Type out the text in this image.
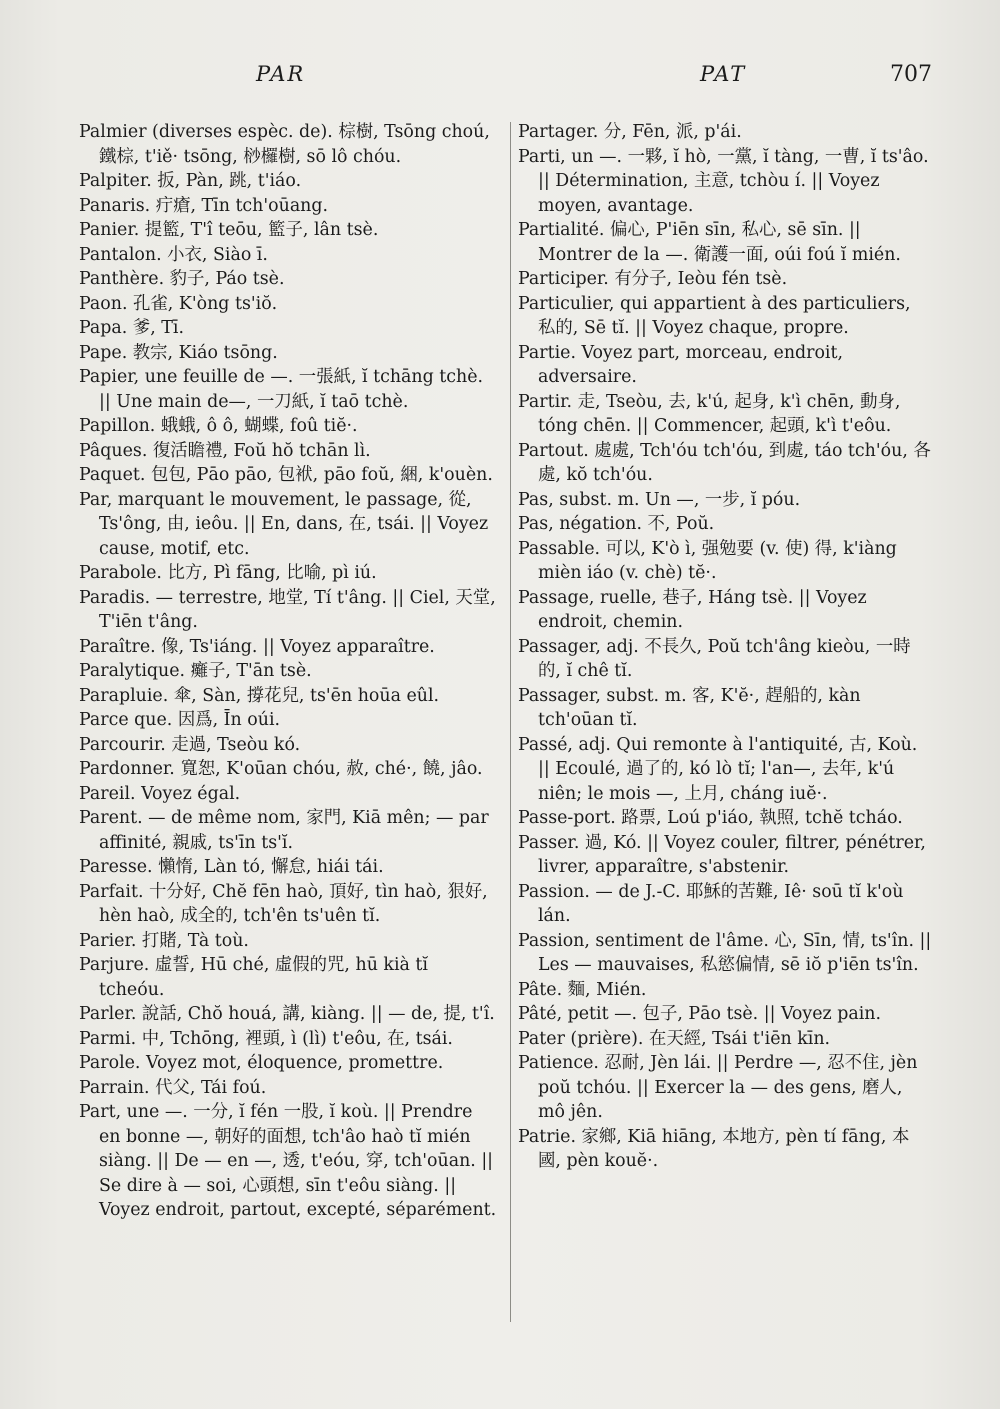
PAR	PAT	707

Palmier (diverses espèc. de). 棕樹, Tsōng choú, 鐵棕, t'iě· tsōng, 桫欏樹, sō lô chóu.

Palpiter. 扳, Pàn, 跳, t'iáo.

Panaris. 疔瘡, Tīn tch'oūang.

Panier. 提籃, T'î teōu, 籃子, lân tsè.

Pantalon. 小衣, Siào ī.

Panthère. 豹子, Páo tsè.

Paon. 孔雀, K'òng ts'iŏ.

Papa. 爹, Tī.

Pape. 教宗, Kiáo tsōng.

Papier, une feuille de —. 一張紙, ĭ tchāng tchè. || Une main de—, 一刀紙, ĭ taō tchè.

Papillon. 蛾蛾, ô ô, 蝴蝶, foû tiĕ·.

Pâques. 復活瞻禮, Foŭ hŏ tchān lì.

Paquet. 包包, Pāo pāo, 包袱, pāo foŭ, 綑, k'ouèn.

Par, marquant le mouvement, le passage, 從, Ts'ông, 由, ieôu. || En, dans, 在, tsái. || Voyez cause, motif, etc.

Parabole. 比方, Pì fāng, 比喻, pì iú.

Paradis. — terrestre, 地堂, Tí t'âng. || Ciel, 天堂, T'iēn t'âng.

Paraître. 像, Ts'iáng. || Voyez apparaître.

Paralytique. 癱子, T'ān tsè.

Parapluie. 傘, Sàn, 撐花兒, ts'ēn hoūa eûl.

Parce que. 因爲, Īn oúi.

Parcourir. 走過, Tseòu kó.

Pardonner. 寬恕, K'oūan chóu, 赦, ché·, 饒, jâo.

Pareil. Voyez égal.

Parent. — de même nom, 家門, Kiā mên; — par affinité, 親戚, ts'īn ts'ĭ.

Paresse. 懶惰, Làn tó, 懈怠, hiái tái.

Parfait. 十分好, Chĕ fēn haò, 頂好, tìn haò, 狠好, hèn haò, 成全的, tch'ên ts'uên tĭ.

Parier. 打賭, Tà toù.

Parjure. 虛誓, Hū ché, 虛假的咒, hū kià tĭ tcheóu.

Parler. 說話, Chŏ houá, 講, kiàng. || — de, 提, t'î.

Parmi. 中, Tchōng, 裡頭, ì (lì) t'eôu, 在, tsái.

Parole. Voyez mot, éloquence, promettre.

Parrain. 代父, Tái foú.

Part, une —. 一分, ĭ fén 一股, ĭ koù. || Prendre en bonne —, 朝好的面想, tch'âo haò tĭ mién siàng. || De — en —, 透, t'eóu, 穿, tch'oūan. || Se dire à — soi, 心頭想, sīn t'eôu siàng. || Voyez endroit, partout, excepté, séparément.

Partager. 分, Fēn, 派, p'ái.

Parti, un —. 一夥, ĭ hò, 一黨, ĭ tàng, 一曹, ĭ ts'âo. || Détermination, 主意, tchòu í. || Voyez moyen, avantage.

Partialité. 偏心, P'iēn sīn, 私心, sē sīn. || Montrer de la —. 衛護一面, oúi foú ĭ mién.

Participer. 有分子, Ieòu fén tsè.

Particulier, qui appartient à des particuliers, 私的, Sē tĭ. || Voyez chaque, propre.

Partie. Voyez part, morceau, endroit, adversaire.

Partir. 走, Tseòu, 去, k'ú, 起身, k'ì chēn, 動身, tóng chēn. || Commencer, 起頭, k'ì t'eôu.

Partout. 處處, Tch'óu tch'óu, 到處, táo tch'óu, 各處, kŏ tch'óu.

Pas, subst. m. Un —, 一步, ĭ póu.

Pas, négation. 不, Poŭ.

Passable. 可以, K'ò ì, 强勉要 (v. 使) 得, k'iàng mièn iáo (v. chè) tĕ·.

Passage, ruelle, 巷子, Háng tsè. || Voyez endroit, chemin.

Passager, adj. 不長久, Poŭ tch'âng kieòu, 一時的, ĭ chê tĭ.

Passager, subst. m. 客, K'ĕ·, 趕船的, kàn tch'oūan tĭ.

Passé, adj. Qui remonte à l'antiquité, 古, Koù. || Ecoulé, 過了的, kó lò tĭ; l'an—, 去年, k'ú niên; le mois —, 上月, cháng iuĕ·.

Passe-port. 路票, Loú p'iáo, 執照, tchĕ tcháo.

Passer. 過, Kó. || Voyez couler, filtrer, pénétrer, livrer, apparaître, s'abstenir.

Passion. — de J.-C. 耶穌的苦難, Iê· soū tĭ k'où lán.

Passion, sentiment de l'âme. 心, Sīn, 情, ts'în. || Les — mauvaises, 私慾偏情, sē iŏ p'iēn ts'în.

Pâte. 麵, Mién.

Pâté, petit —. 包子, Pāo tsè. || Voyez pain.

Pater (prière). 在天經, Tsái t'iēn kīn.

Patience. 忍耐, Jèn lái. || Perdre —, 忍不住, jèn poŭ tchóu. || Exercer la — des gens, 磨人, mô jên.

Patrie. 家鄉, Kiā hiāng, 本地方, pèn tí fāng, 本國, pèn kouĕ·.
